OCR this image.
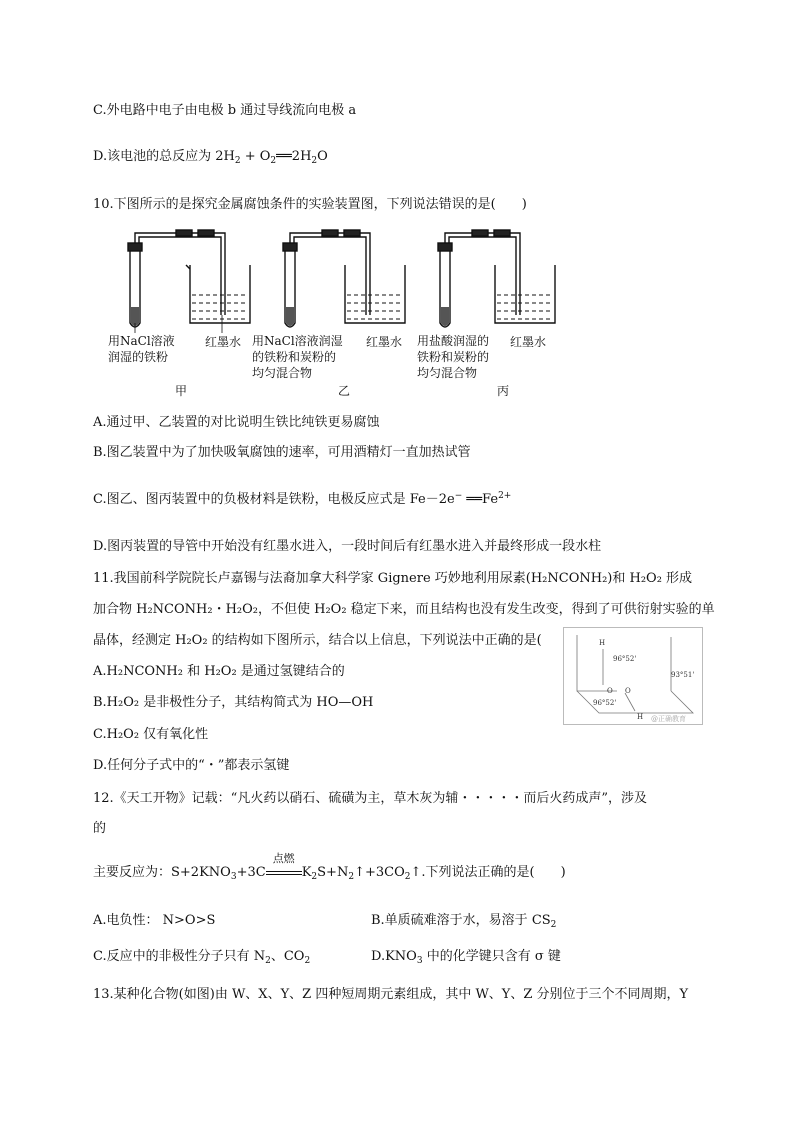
C.外电路中电子由电极 b 通过导线流向电极 a
D.该电池的总反应为 $2H_2$ + $O_2══2H_2O$
10.下图所示的是探究金属腐蚀条件的实验装置图，下列说法错误的是(　　)
用NaCl溶液
润湿的铁粉
红墨水
甲
用NaCl溶液润湿
的铁粉和炭粉的
均匀混合物
红墨水
乙
用盐酸润湿的
铁粉和炭粉的
均匀混合物
红墨水
丙
A.通过甲、乙装置的对比说明生铁比纯铁更易腐蚀
B.图乙装置中为了加快吸氧腐蚀的速率，可用酒精灯一直加热试管
C.图乙、图丙装置中的负极材料是铁粉，电极反应式是 Fe－2e− $══Fe^{2+}$
D.图丙装置的导管中开始没有红墨水进入，一段时间后有红墨水进入并最终形成一段水柱
11.我国前科学院院长卢嘉锡与法裔加拿大科学家 Gignere 巧妙地利用尿素(H₂NCONH₂)和 H₂O₂ 形成
加合物 H₂NCONH₂・H₂O₂，不但使 H₂O₂ 稳定下来，而且结构也没有发生改变，得到了可供衍射实验的单
晶体，经测定 H₂O₂ 的结构如下图所示，结合以上信息，下列说法中正确的是(
A.H₂NCONH₂ 和 H₂O₂ 是通过氢键结合的
B.H₂O₂ 是非极性分子，其结构简式为 HO—OH
C.H₂O₂ 仅有氧化性
D.任何分子式中的“・”都表示氢键
H
96°52'
O O
96°52'
93°51'
H @正确教育
12.《天工开物》记载：“凡火药以硝石、硫磺为主，草木灰为辅・・・・・而后火药成声”，涉及
的
主要反应为：$S+2KNO_3+3C$
点燃
$K_2S+N_2↑+3CO_2↑$.下列说法正确的是(　　)
A.电负性： N>O>S	B.单质硫难溶于水，易溶于 $CS_2$
C.反应中的非极性分子只有 $N_2$、$CO_2$	$D.KNO_3$ 中的化学键只含有 σ 键
13.某种化合物(如图)由 W、X、Y、Z 四种短周期元素组成，其中 W、Y、Z 分别位于三个不同周期，Y
